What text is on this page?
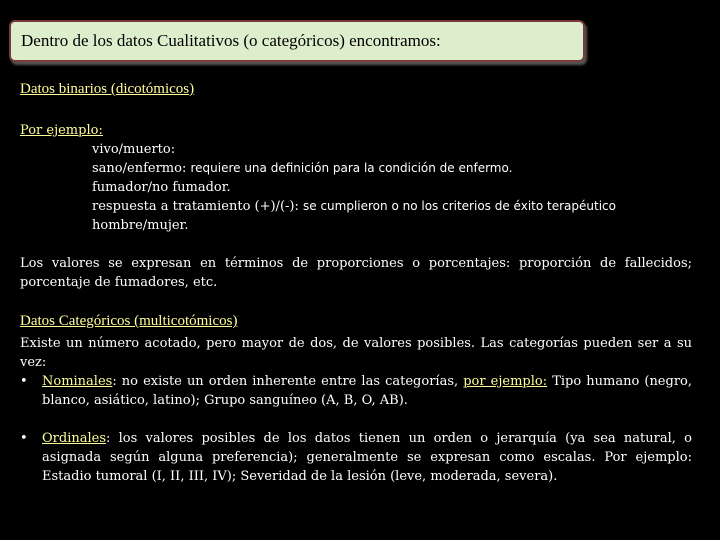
Dentro de los datos Cualitativos (o categóricos) encontramos:
Datos binarios (dicotómicos)
Por ejemplo:
vivo/muerto:
sano/enfermo: requiere una definición para la condición de enfermo.
fumador/no fumador.
respuesta a tratamiento (+)/(-): se cumplieron o no los criterios de éxito terapéutico
hombre/mujer.
Los valores se expresan en términos de proporciones o porcentajes: proporción de fallecidos; porcentaje de fumadores, etc.
Datos Categóricos (multicotómicos)
Existe un número acotado, pero mayor de dos, de valores posibles. Las categorías pueden ser a su vez:
• Nominales: no existe un orden inherente entre las categorías, por ejemplo: Tipo humano (negro, blanco, asiático, latino); Grupo sanguíneo (A, B, O, AB).
• Ordinales: los valores posibles de los datos tienen un orden o jerarquía (ya sea natural, o asignada según alguna preferencia); generalmente se expresan como escalas. Por ejemplo: Estadio tumoral (I, II, III, IV); Severidad de la lesión (leve, moderada, severa).
